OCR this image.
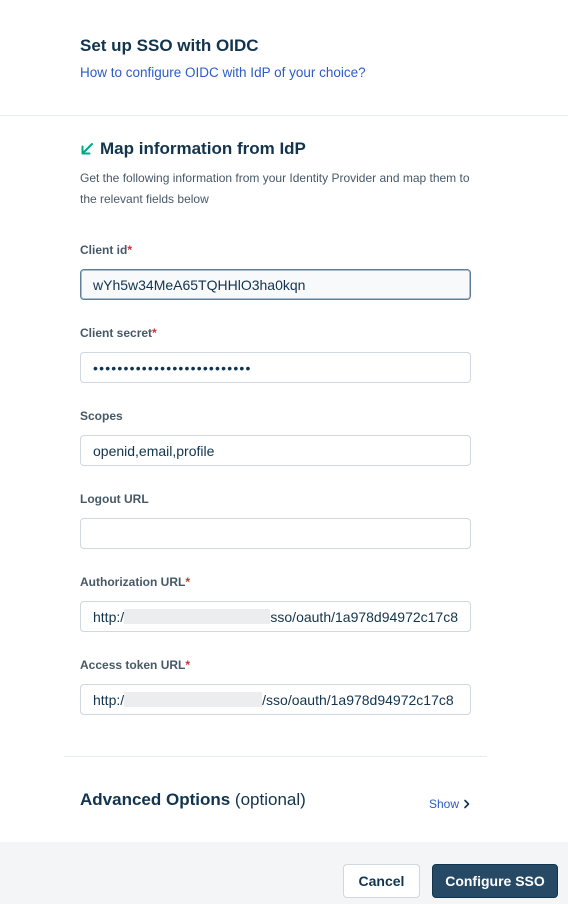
Set up SSO with OIDC
How to configure OIDC with IdP of your choice?
Map information from IdP
Get the following information from your Identity Provider and map them to the relevant fields below
Client id*
wYh5w34MeA65TQHHlO3ha0kqn
Client secret*
••••••••••••••••••••••••••
Scopes
openid,email,profile
Logout URL
Authorization URL*
http:/	sso/oauth/1a978d94972c17c8
Access token URL*
http:/	/sso/oauth/1a978d94972c17c8
Advanced Options (optional)	Show
Cancel	Configure SSO
